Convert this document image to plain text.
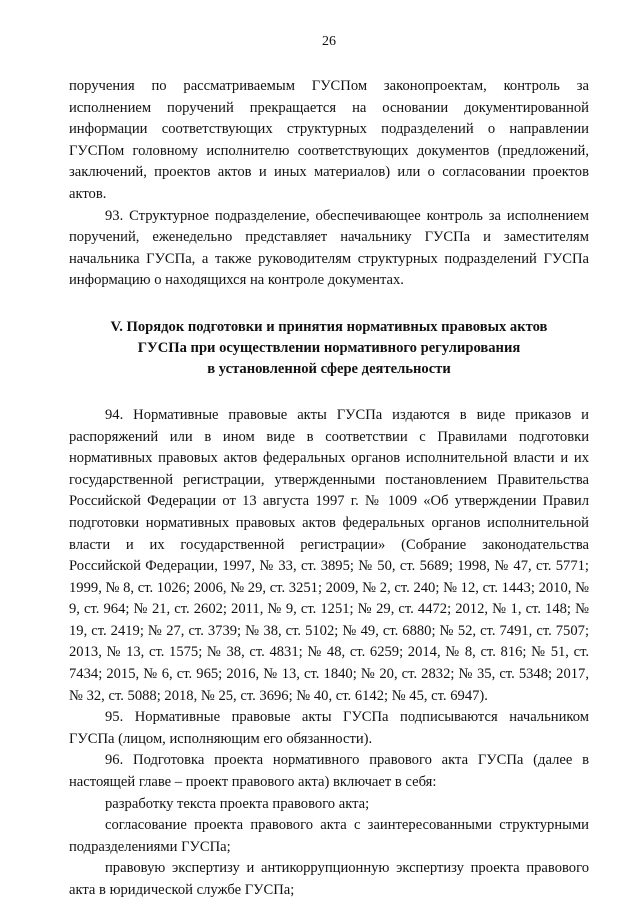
26

поручения по рассматриваемым ГУСПом законопроектам, контроль за исполнением поручений прекращается на основании документированной информации соответствующих структурных подразделений о направлении ГУСПом головному исполнителю соответствующих документов (предложений, заключений, проектов актов и иных материалов) или о согласовании проектов актов.

93. Структурное подразделение, обеспечивающее контроль за исполнением поручений, еженедельно представляет начальнику ГУСПа и заместителям начальника ГУСПа, а также руководителям структурных подразделений ГУСПа информацию о находящихся на контроле документах.

V. Порядок подготовки и принятия нормативных правовых актов
ГУСПа при осуществлении нормативного регулирования
в установленной сфере деятельности

94. Нормативные правовые акты ГУСПа издаются в виде приказов и распоряжений или в ином виде в соответствии с Правилами подготовки нормативных правовых актов федеральных органов исполнительной власти и их государственной регистрации, утвержденными постановлением Правительства Российской Федерации от 13 августа 1997 г. № 1009 «Об утверждении Правил подготовки нормативных правовых актов федеральных органов исполнительной власти и их государственной регистрации» (Собрание законодательства Российской Федерации, 1997, № 33, ст. 3895; № 50, ст. 5689; 1998, № 47, ст. 5771; 1999, № 8, ст. 1026; 2006, № 29, ст. 3251; 2009, № 2, ст. 240; № 12, ст. 1443; 2010, № 9, ст. 964; № 21, ст. 2602; 2011, № 9, ст. 1251; № 29, ст. 4472; 2012, № 1, ст. 148; № 19, ст. 2419; № 27, ст. 3739; № 38, ст. 5102; № 49, ст. 6880; № 52, ст. 7491, ст. 7507; 2013, № 13, ст. 1575; № 38, ст. 4831; № 48, ст. 6259; 2014, № 8, ст. 816; № 51, ст. 7434; 2015, № 6, ст. 965; 2016, № 13, ст. 1840; № 20, ст. 2832; № 35, ст. 5348; 2017, № 32, ст. 5088; 2018, № 25, ст. 3696; № 40, ст. 6142; № 45, ст. 6947).

95. Нормативные правовые акты ГУСПа подписываются начальником ГУСПа (лицом, исполняющим его обязанности).

96. Подготовка проекта нормативного правового акта ГУСПа (далее в настоящей главе – проект правового акта) включает в себя:

разработку текста проекта правового акта;

согласование проекта правового акта с заинтересованными структурными подразделениями ГУСПа;

правовую экспертизу и антикоррупционную экспертизу проекта правового акта в юридической службе ГУСПа;
